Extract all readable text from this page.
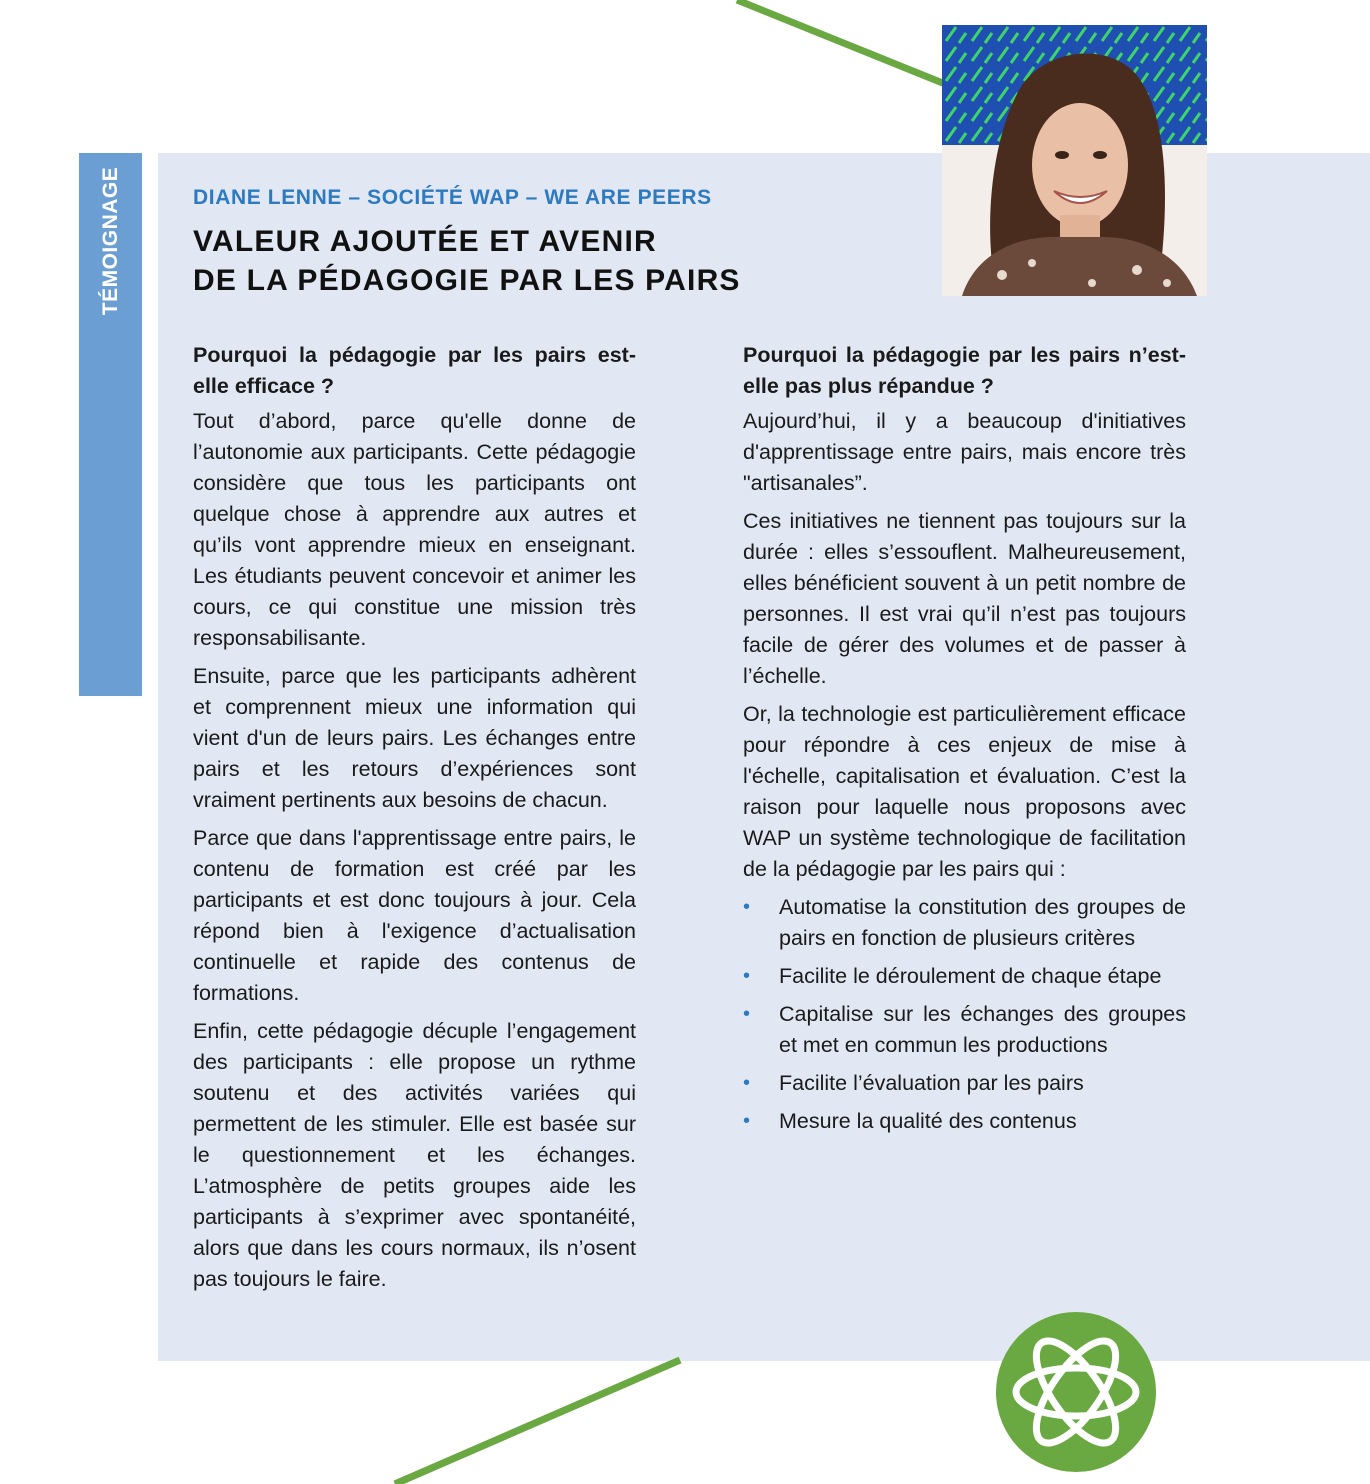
TÉMOIGNAGE	DIANE LENNE – SOCIÉTÉ WAP – WE ARE PEERS
VALEUR AJOUTÉE ET AVENIR
DE LA PÉDAGOGIE PAR LES PAIRS
Pourquoi la pédagogie par les pairs est-elle efficace ?

Tout d’abord, parce qu'elle donne de l’autonomie aux participants. Cette pédagogie considère que tous les participants ont quelque chose à apprendre aux autres et qu’ils vont apprendre mieux en enseignant. Les étudiants peuvent concevoir et animer les cours, ce qui constitue une mission très responsabilisante.

Ensuite, parce que les participants adhèrent et comprennent mieux une information qui vient d'un de leurs pairs. Les échanges entre pairs et les retours d’expériences sont vraiment pertinents aux besoins de chacun.

Parce que dans l'apprentissage entre pairs, le contenu de formation est créé par les participants et est donc toujours à jour. Cela répond bien à l'exigence d’actualisation continuelle et rapide des contenus de formations.

Enfin, cette pédagogie décuple l’engagement des participants : elle propose un rythme soutenu et des activités variées qui permettent de les stimuler. Elle est basée sur le questionnement et les échanges. L’atmosphère de petits groupes aide les participants à s’exprimer avec spontanéité, alors que dans les cours normaux, ils n’osent pas toujours le faire.

Pourquoi la pédagogie par les pairs n’est-elle pas plus répandue ?

Aujourd’hui, il y a beaucoup d'initiatives d'apprentissage entre pairs, mais encore très "artisanales”.

Ces initiatives ne tiennent pas toujours sur la durée : elles s’essouflent. Malheureusement, elles bénéficient souvent à un petit nombre de personnes. Il est vrai qu’il n’est pas toujours facile de gérer des volumes et de passer à l’échelle.

Or, la technologie est particulièrement efficace pour répondre à ces enjeux de mise à l'échelle, capitalisation et évaluation. C’est la raison pour laquelle nous proposons avec WAP un système technologique de facilitation de la pédagogie par les pairs qui :

• Automatise la constitution des groupes de pairs en fonction de plusieurs critères
• Facilite le déroulement de chaque étape
• Capitalise sur les échanges des groupes et met en commun les productions
• Facilite l’évaluation par les pairs
• Mesure la qualité des contenus
